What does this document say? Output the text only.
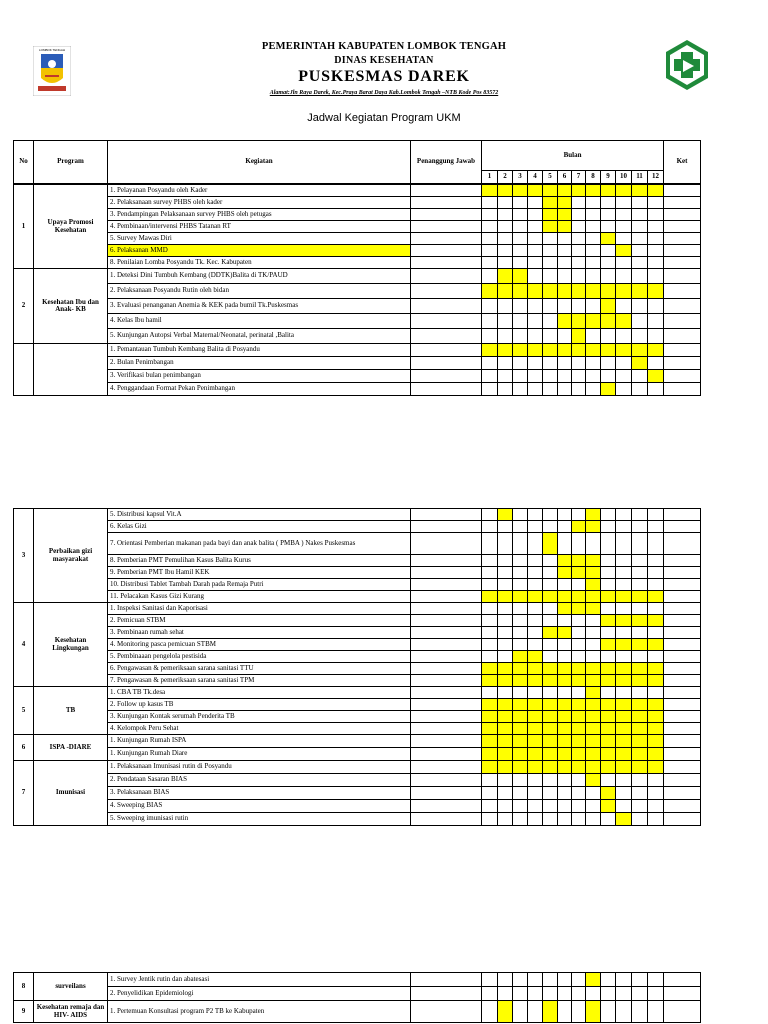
LOMBOK TENGAH	PEMERINTAH KABUPATEN LOMBOK TENGAH
DINAS KESEHATAN
PUSKESMAS DAREK
Alamat:Jln Raya Darek, Kec.Praya Barat Daya Kab.Lombok Tengah –NTB Kode Pos 83572
Jadwal Kegiatan Program UKM
No	Program	Kegiatan	Penanggung Jawab	Bulan												Ket
				1	2	3	4	5	6	7	8	9	10	11	12	
1	Upaya Promosi Kesehatan	1. Pelayanan Posyandu oleh Kader														
		2. Pelaksanaan survey PHBS oleh kader														
		3. Pendampingan Pelaksanaan survey PHBS oleh petugas														
		4. Pembinaan/intervensi PHBS Tatanan RT														
		5. Survey Mawas Diri														
		6. Pelaksanan MMD														
		8. Penilaian Lomba Posyandu Tk. Kec. Kabupaten														
2	Kesehatan Ibu dan Anak- KB	1. Deteksi Dini Tumbuh Kembang (DDTK)Balita di TK/PAUD														
		2. Pelaksanaan Posyandu Rutin oleh bidan														
		3. Evaluasi penanganan Anemia & KEK pada bumil Tk.Puskesmas														
		4. Kelas Ibu hamil														
		5. Kunjungan Autopsi Verbal Maternal/Neonatal, perinatal ,Balita														
		1. Pemantauan Tumbuh Kembang Balita di Posyandu														
		2. Bulan Penimbangan														
		3. Verifikasi bulan penimbangan														
		4. Penggandaan Format Pekan Penimbangan														
3	Perbaikan gizi masyarakat	5. Distribusi kapsul Vit.A														
		6. Kelas Gizi														
		7. Orientasi Pemberian makanan pada bayi dan anak balita ( PMBA ) Nakes Puskesmas														
		8. Pemberian PMT Pemulihan Kasus Balita Kurus														
		9. Pemberian PMT Ibu Hamil KEK														
		10. Distribusi Tablet Tambah Darah pada Remaja Putri														
		11. Pelacakan Kasus Gizi Kurang														
4	Kesehatan Lingkungan	1. Inspeksi Sanitasi dan Kaporisasi														
		2. Pemicuan STBM														
		3. Pembinaan rumah sehat														
		4. Monitoring pasca pemicuan STBM														
		5. Pembinaaan pengelola pestisida														
		6. Pengawasan & pemeriksaan sarana sanitasi TTU														
		7. Pengawasan & pemeriksaan sarana sanitasi TPM														
5	TB	1. CBA TB Tk.desa														
		2. Follow up kasus TB														
		3. Kunjungan Kontak serumah Penderita TB														
		4. Kelompok Peru Sehat														
6	ISPA -DIARE	1. Kunjungan Rumah ISPA														
		1. Kunjungan Rumah Diare														
7	Imunisasi	1. Pelaksanaan Imunisasi rutin di Posyandu														
		2. Pendataan Sasaran BIAS														
		3. Pelaksanaan BIAS														
		4. Sweeping BIAS														
		5. Sweeping imunisasi rutin														
8	surveilans	1. Survey Jentik rutin dan abatesasi														
		2. Penyelidikan Epidemiologi														
9	Kesehatan remaja dan HIV- AIDS	1. Pertemuan Konsultasi program P2 TB ke Kabupaten														
